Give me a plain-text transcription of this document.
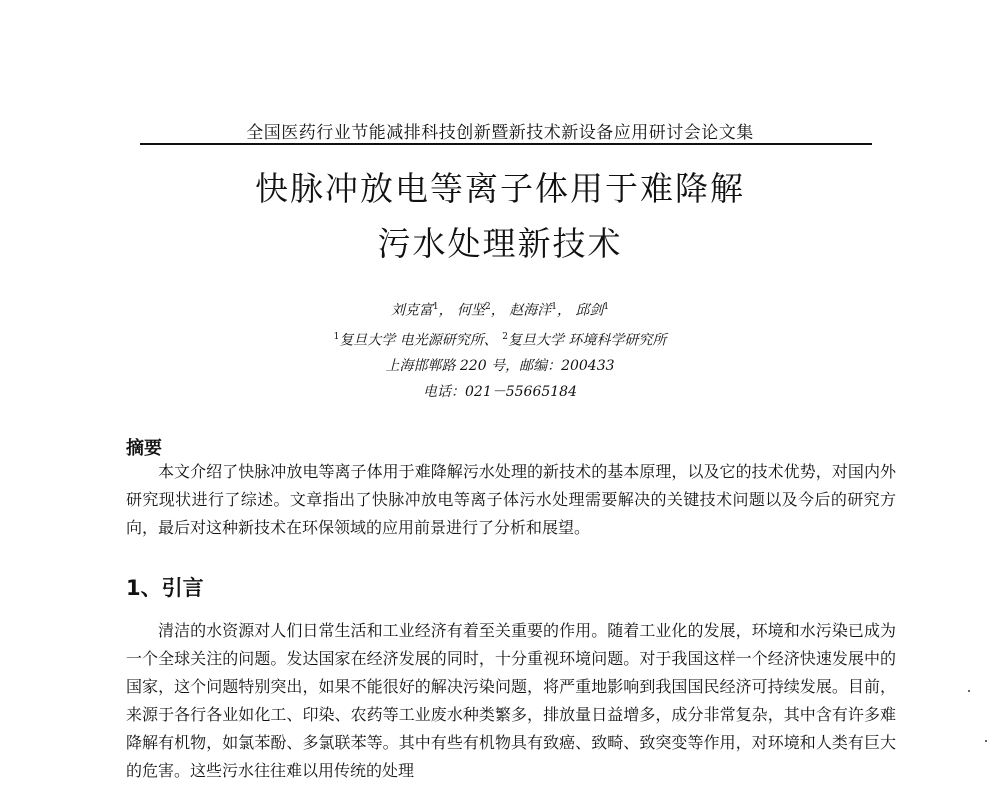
全国医药行业节能减排科技创新暨新技术新设备应用研讨会论文集
快脉冲放电等离子体用于难降解
污水处理新技术
刘克富$^1$， 何坚$^2$， 赵海洋$^1$， 邱剑$^1$
$^1$复旦大学 电光源研究所、 $^2$复旦大学 环境科学研究所
上海邯郸路 220 号，邮编：200433
电话：021－55665184
摘要

本文介绍了快脉冲放电等离子体用于难降解污水处理的新技术的基本原理，以及它的技术优势，对国内外研究现状进行了综述。文章指出了快脉冲放电等离子体污水处理需要解决的关键技术问题以及今后的研究方向，最后对这种新技术在环保领域的应用前景进行了分析和展望。

1、引言

清洁的水资源对人们日常生活和工业经济有着至关重要的作用。随着工业化的发展，环境和水污染已成为一个全球关注的问题。发达国家在经济发展的同时，十分重视环境问题。对于我国这样一个经济快速发展中的国家，这个问题特别突出，如果不能很好的解决污染问题，将严重地影响到我国国民经济可持续发展。目前，来源于各行各业如化工、印染、农药等工业废水种类繁多，排放量日益增多，成分非常复杂，其中含有许多难降解有机物，如氯苯酚、多氯联苯等。其中有些有机物具有致癌、致畸、致突变等作用，对环境和人类有巨大的危害。这些污水往往难以用传统的处理
